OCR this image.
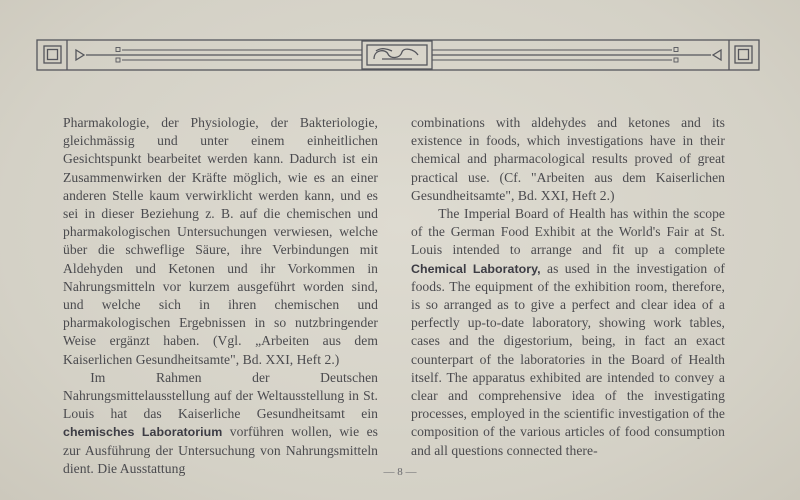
Pharmakologie, der Physiologie, der Bakteriologie, gleichmässig und unter einem einheitlichen Gesichtspunkt bearbeitet werden kann. Dadurch ist ein Zusammenwirken der Kräfte möglich, wie es an einer anderen Stelle kaum verwirklicht werden kann, und es sei in dieser Beziehung z. B. auf die chemischen und pharmakologischen Untersuchungen verwiesen, welche über die schweflige Säure, ihre Verbindungen mit Aldehyden und Ketonen und ihr Vorkommen in Nahrungsmitteln vor kurzem ausgeführt worden sind, und welche sich in ihren chemischen und pharmakologischen Ergebnissen in so nutzbringender Weise ergänzt haben. (Vgl. „Arbeiten aus dem Kaiserlichen Gesundheitsamte", Bd. XXI, Heft 2.)

Im Rahmen der Deutschen Nahrungsmittelausstellung auf der Weltausstellung in St. Louis hat das Kaiserliche Gesundheitsamt ein chemisches Laboratorium vorführen wollen, wie es zur Ausführung der Untersuchung von Nahrungsmitteln dient. Die Ausstattung

combinations with aldehydes and ketones and its existence in foods, which investigations have in their chemical and pharmacological results proved of great practical use. (Cf. "Arbeiten aus dem Kaiserlichen Gesundheitsamte", Bd. XXI, Heft 2.)

The Imperial Board of Health has within the scope of the German Food Exhibit at the World's Fair at St. Louis intended to arrange and fit up a complete Chemical Laboratory, as used in the investigation of foods. The equipment of the exhibition room, therefore, is so arranged as to give a perfect and clear idea of a perfectly up-to-date laboratory, showing work tables, cases and the digestorium, being, in fact an exact counterpart of the laboratories in the Board of Health itself. The apparatus exhibited are intended to convey a clear and comprehensive idea of the investigating processes, employed in the scientific investigation of the composition of the various articles of food consumption and all questions connected there-

— 8 —
